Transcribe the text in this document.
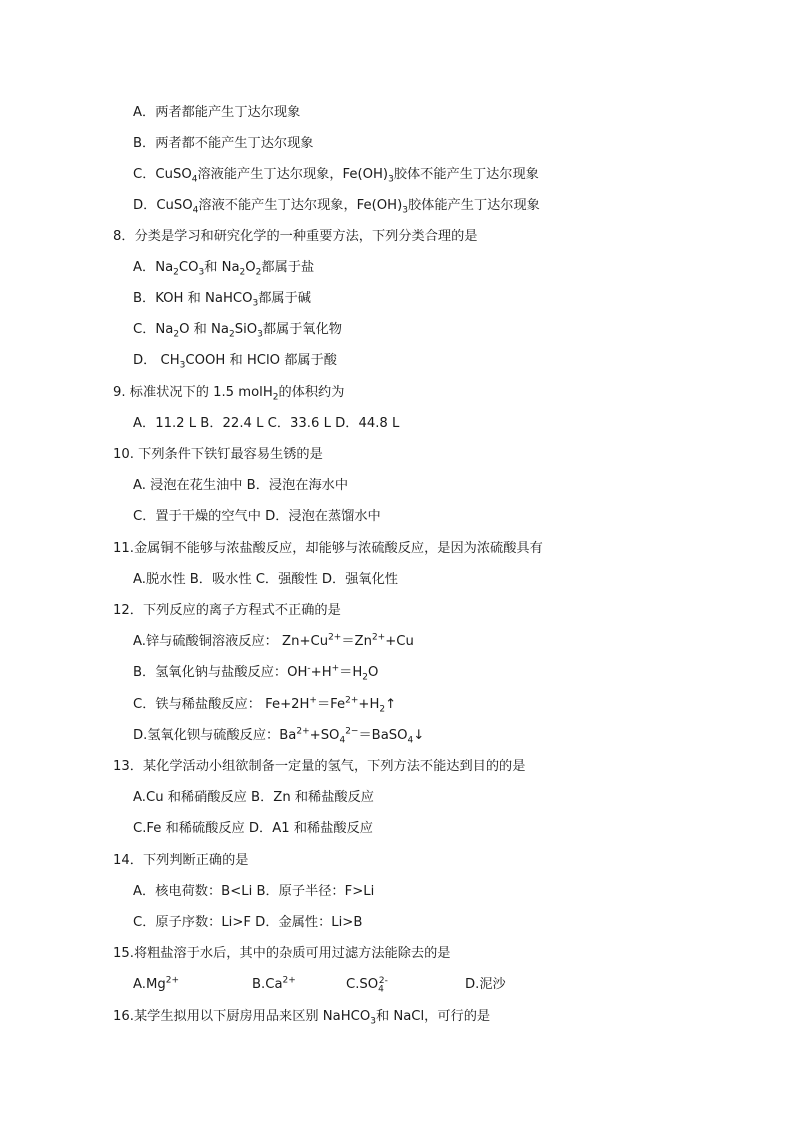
A．两者都能产生丁达尔现象
B．两者都不能产生丁达尔现象
C．CuSO$_4$溶液能产生丁达尔现象，$Fe(OH)_3$胶体不能产生丁达尔现象
D．CuSO$_4$溶液不能产生丁达尔现象，$Fe(OH)_3$胶体能产生丁达尔现象
8．分类是学习和研究化学的一种重要方法，下列分类合理的是
A．$Na_2CO_3$和 $Na_2O_2$都属于盐
B．KOH 和 NaHCO$_3$都属于碱
C．$Na_2O$ 和 $Na_2SiO_3$都属于氧化物
D． $CH_3COOH$ 和 HClO 都属于酸
9. 标准状况下的 1.5 molH$_2$的体积约为
A．11.2 L B．22.4 L C．33.6 L D．44.8 L
10. 下列条件下铁钉最容易生锈的是
A. 浸泡在花生油中 B．浸泡在海水中
C．置于干燥的空气中 D．浸泡在蒸馏水中
11.金属铜不能够与浓盐酸反应，却能够与浓硫酸反应，是因为浓硫酸具有
A.脱水性 B．吸水性 C．强酸性 D．强氧化性
12．下列反应的离子方程式不正确的是
A.锌与硫酸铜溶液反应： $Zn+Cu^{2+}=Zn^{2+}+Cu$
B．氢氧化钠与盐酸反应：$OH^-+H^+=H_2O$
C．铁与稀盐酸反应： $Fe+2H^+=Fe^{2+}+H_2↑$
D.氢氧化钡与硫酸反应：$Ba^{2+}+SO_4^{2-}=BaSO_4↓$
13．某化学活动小组欲制备一定量的氢气，下列方法不能达到目的的是
A.Cu 和稀硝酸反应 B．Zn 和稀盐酸反应
C.Fe 和稀硫酸反应 D．A1 和稀盐酸反应
14．下列判断正确的是
A．核电荷数：B<Li B．原子半径：F>Li
C．原子序数：Li>F D．金属性：Li>B
15.将粗盐溶于水后，其中的杂质可用过滤方法能除去的是
$A.Mg^{2+}$	$B.Ca^{2+}$	$C.SO_4^{2-}$	D.泥沙
16.某学生拟用以下厨房用品来区别 NaHCO$_3$和 NaCl，可行的是
